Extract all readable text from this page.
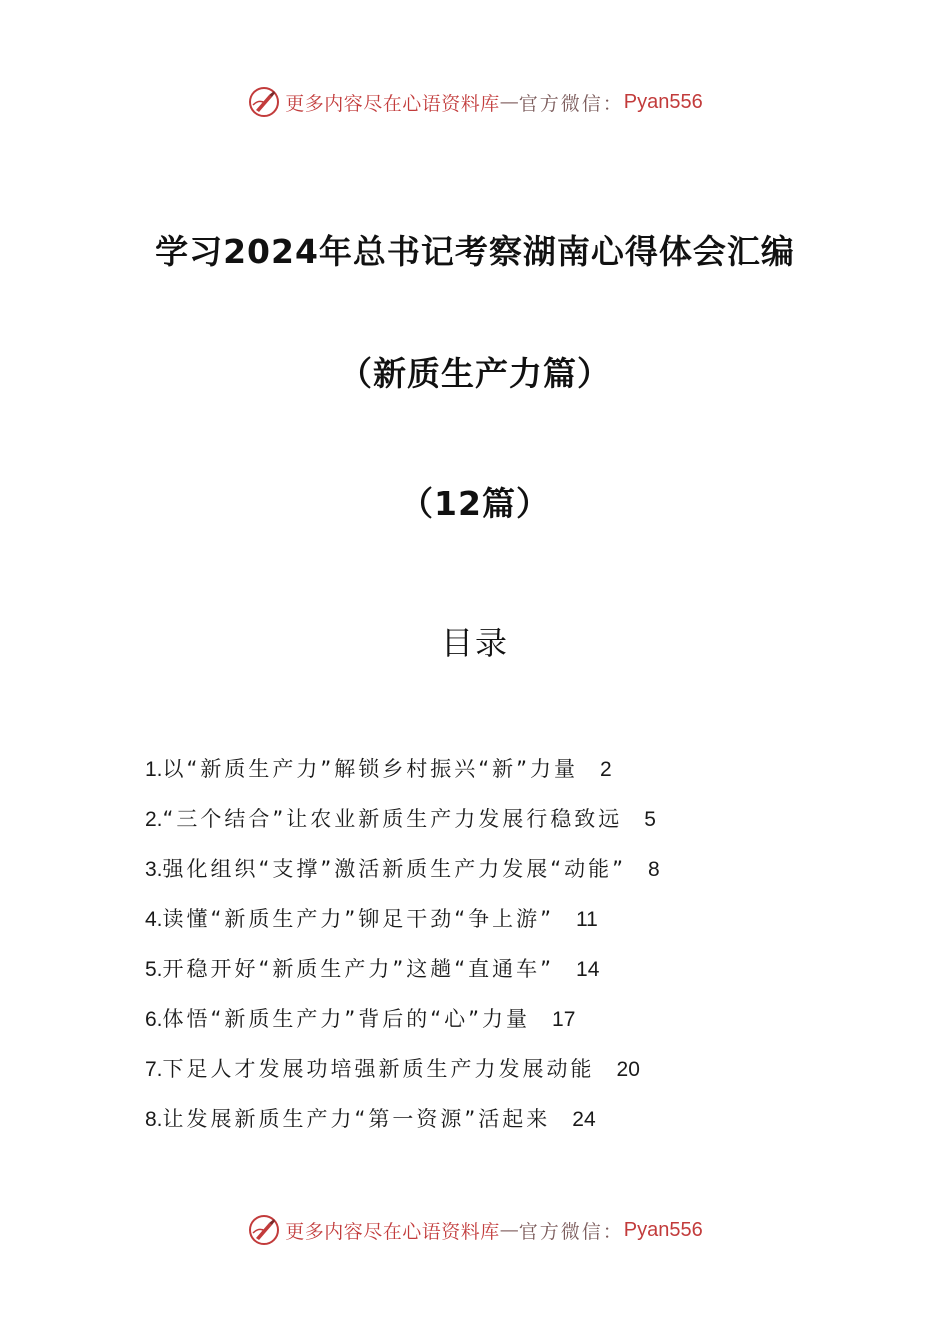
更多内容尽在心语资料库 — 官方微信： Pyan556
学习2024年总书记考察湖南心得体会汇编
（新质生产力篇）
（12篇）
目录
1.以“新质生产力”解锁乡村振兴“新”力量 2
2.“三个结合”让农业新质生产力发展行稳致远 5
3.强化组织“支撑”激活新质生产力发展“动能” 8
4.读懂“新质生产力”铆足干劲“争上游” 11
5.开稳开好“新质生产力”这趟“直通车” 14
6.体悟“新质生产力”背后的“心”力量 17
7.下足人才发展功培强新质生产力发展动能 20
8.让发展新质生产力“第一资源”活起来 24
更多内容尽在心语资料库 — 官方微信： Pyan556
